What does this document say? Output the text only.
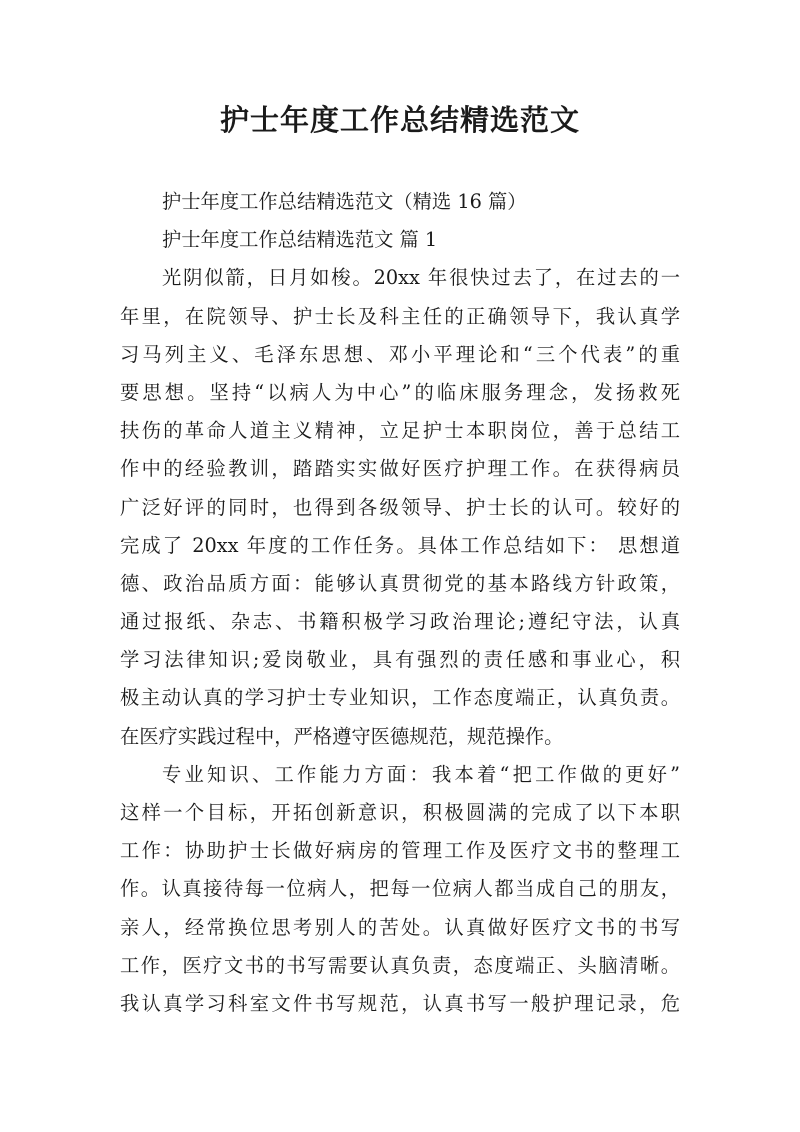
护士年度工作总结精选范文
护士年度工作总结精选范文（精选 16 篇）
护士年度工作总结精选范文 篇 1
光阴似箭，日月如梭。20xx 年很快过去了，在过去的一
年里，在院领导、护士长及科主任的正确领导下，我认真学
习马列主义、毛泽东思想、邓小平理论和“三个代表”的重
要思想。坚持“以病人为中心”的临床服务理念，发扬救死
扶伤的革命人道主义精神，立足护士本职岗位，善于总结工
作中的经验教训，踏踏实实做好医疗护理工作。在获得病员
广泛好评的同时，也得到各级领导、护士长的认可。较好的
完成了 20xx 年度的工作任务。具体工作总结如下： 思想道
德、政治品质方面：能够认真贯彻党的基本路线方针政策，
通过报纸、杂志、书籍积极学习政治理论;遵纪守法，认真
学习法律知识;爱岗敬业，具有强烈的责任感和事业心，积
极主动认真的学习护士专业知识，工作态度端正，认真负责。
在医疗实践过程中，严格遵守医德规范，规范操作。
专业知识、工作能力方面：我本着“把工作做的更好”
这样一个目标，开拓创新意识，积极圆满的完成了以下本职
工作：协助护士长做好病房的管理工作及医疗文书的整理工
作。认真接待每一位病人，把每一位病人都当成自己的朋友，
亲人，经常换位思考别人的苦处。认真做好医疗文书的书写
工作，医疗文书的书写需要认真负责，态度端正、头脑清晰。
我认真学习科室文件书写规范，认真书写一般护理记录，危
